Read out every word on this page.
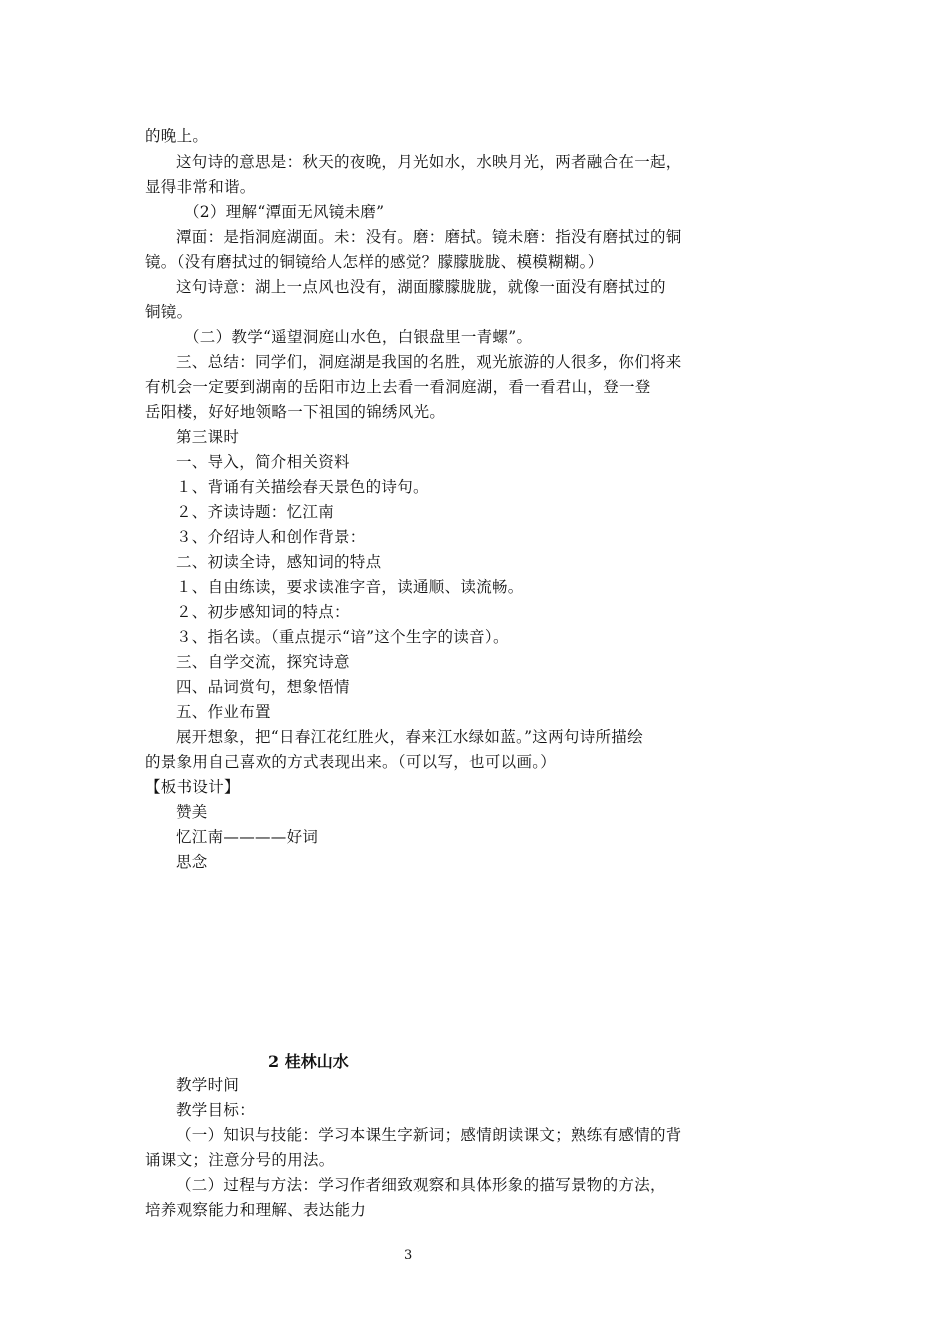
的晚上。
这句诗的意思是：秋天的夜晚，月光如水，水映月光，两者融合在一起，
显得非常和谐。
（2）理解“潭面无风镜未磨”
潭面：是指洞庭湖面。未：没有。磨：磨拭。镜未磨：指没有磨拭过的铜
镜。（没有磨拭过的铜镜给人怎样的感觉？朦朦胧胧、模模糊糊。）
这句诗意：湖上一点风也没有，湖面朦朦胧胧，就像一面没有磨拭过的
铜镜。
（二）教学“遥望洞庭山水色，白银盘里一青螺”。
三、总结：同学们，洞庭湖是我国的名胜，观光旅游的人很多，你们将来
有机会一定要到湖南的岳阳市边上去看一看洞庭湖，看一看君山，登一登
岳阳楼，好好地领略一下祖国的锦绣风光。
第三课时
一、导入，简介相关资料
１、背诵有关描绘春天景色的诗句。
２、齐读诗题：忆江南
３、介绍诗人和创作背景：
二、初读全诗，感知词的特点
１、自由练读，要求读准字音，读通顺、读流畅。
２、初步感知词的特点：
３、指名读。（重点提示“谙”这个生字的读音）。
三、自学交流，探究诗意
四、品词赏句，想象悟情
五、作业布置
展开想象，把“日春江花红胜火，春来江水绿如蓝。”这两句诗所描绘
的景象用自己喜欢的方式表现出来。（可以写，也可以画。）
【板书设计】
赞美
忆江南————好词
思念
2 桂林山水
教学时间
教学目标：
（一）知识与技能：学习本课生字新词；感情朗读课文；熟练有感情的背
诵课文；注意分号的用法。
（二）过程与方法：学习作者细致观察和具体形象的描写景物的方法，
培养观察能力和理解、表达能力
3
